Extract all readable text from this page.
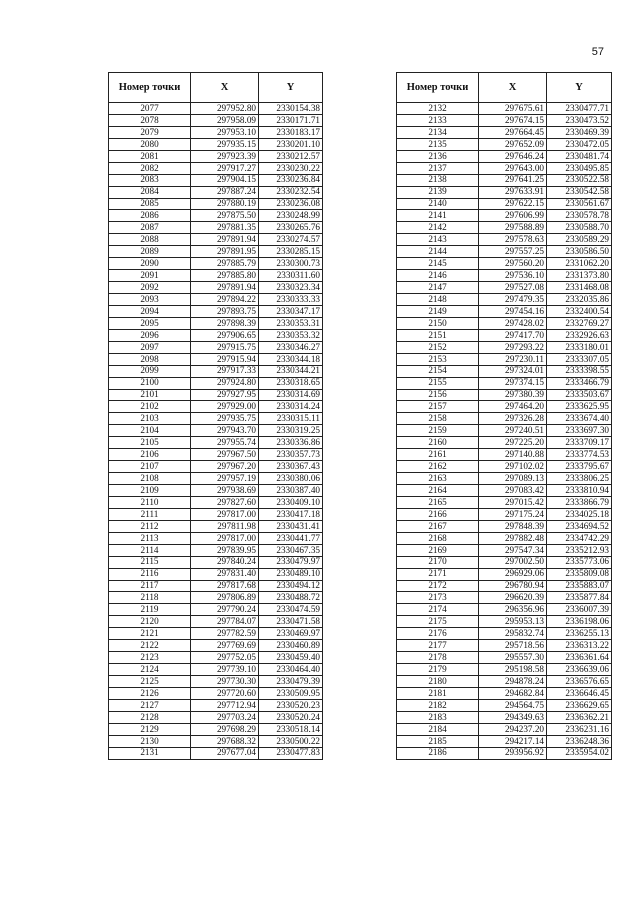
57
Номер точки	X	Y
2077	297952.80	2330154.38
2078	297958.09	2330171.71
2079	297953.10	2330183.17
2080	297935.15	2330201.10
2081	297923.39	2330212.57
2082	297917.27	2330230.22
2083	297904.15	2330236.84
2084	297887.24	2330232.54
2085	297880.19	2330236.08
2086	297875.50	2330248.99
2087	297881.35	2330265.76
2088	297891.94	2330274.57
2089	297891.95	2330285.15
2090	297885.79	2330300.73
2091	297885.80	2330311.60
2092	297891.94	2330323.34
2093	297894.22	2330333.33
2094	297893.75	2330347.17
2095	297898.39	2330353.31
2096	297906.65	2330353.32
2097	297915.75	2330346.27
2098	297915.94	2330344.18
2099	297917.33	2330344.21
2100	297924.80	2330318.65
2101	297927.95	2330314.69
2102	297929.00	2330314.24
2103	297935.75	2330315.11
2104	297943.70	2330319.25
2105	297955.74	2330336.86
2106	297967.50	2330357.73
2107	297967.20	2330367.43
2108	297957.19	2330380.06
2109	297938.69	2330387.40
2110	297827.60	2330409.10
2111	297817.00	2330417.18
2112	297811.98	2330431.41
2113	297817.00	2330441.77
2114	297839.95	2330467.35
2115	297840.24	2330479.97
2116	297831.40	2330489.10
2117	297817.68	2330494.12
2118	297806.89	2330488.72
2119	297790.24	2330474.59
2120	297784.07	2330471.58
2121	297782.59	2330469.97
2122	297769.69	2330460.89
2123	297752.05	2330459.40
2124	297739.10	2330464.40
2125	297730.30	2330479.39
2126	297720.60	2330509.95
2127	297712.94	2330520.23
2128	297703.24	2330520.24
2129	297698.29	2330518.14
2130	297688.32	2330500.22
2131	297677.04	2330477.83
Номер точки	X	Y
2132	297675.61	2330477.71
2133	297674.15	2330473.52
2134	297664.45	2330469.39
2135	297652.09	2330472.05
2136	297646.24	2330481.74
2137	297643.00	2330495.85
2138	297641.25	2330522.58
2139	297633.91	2330542.58
2140	297622.15	2330561.67
2141	297606.99	2330578.78
2142	297588.89	2330588.70
2143	297578.63	2330589.29
2144	297557.25	2330586.50
2145	297560.20	2331062.20
2146	297536.10	2331373.80
2147	297527.08	2331468.08
2148	297479.35	2332035.86
2149	297454.16	2332400.54
2150	297428.02	2332769.27
2151	297417.70	2332926.63
2152	297293.22	2333180.01
2153	297230.11	2333307.05
2154	297324.01	2333398.55
2155	297374.15	2333466.79
2156	297380.39	2333503.67
2157	297464.20	2333625.95
2158	297326.28	2333674.40
2159	297240.51	2333697.30
2160	297225.20	2333709.17
2161	297140.88	2333774.53
2162	297102.02	2333795.67
2163	297089.13	2333806.25
2164	297083.42	2333810.94
2165	297015.42	2333866.79
2166	297175.24	2334025.18
2167	297848.39	2334694.52
2168	297882.48	2334742.29
2169	297547.34	2335212.93
2170	297002.50	2335773.06
2171	296929.06	2335809.08
2172	296780.94	2335883.07
2173	296620.39	2335877.84
2174	296356.96	2336007.39
2175	295953.13	2336198.06
2176	295832.74	2336255.13
2177	295718.56	2336313.22
2178	295557.30	2336361.64
2179	295198.58	2336639.06
2180	294878.24	2336576.65
2181	294682.84	2336646.45
2182	294564.75	2336629.65
2183	294349.63	2336362.21
2184	294237.20	2336231.16
2185	294217.14	2336248.36
2186	293956.92	2335954.02
